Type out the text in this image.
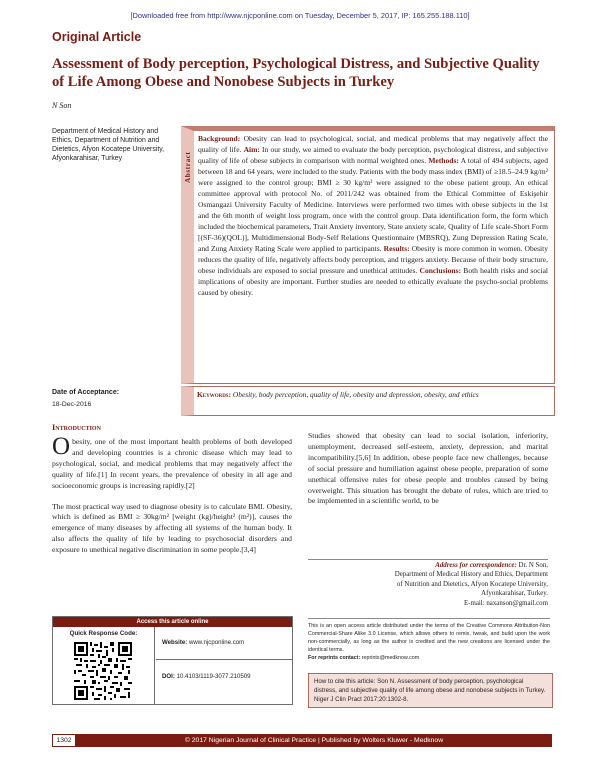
[Downloaded free from http://www.njcponline.com on Tuesday, December 5, 2017, IP: 165.255.188.110]
Original Article
Assessment of Body perception, Psychological Distress, and Subjective Quality of Life Among Obese and Nonobese Subjects in Turkey
N Son
Department of Medical History and Ethics, Department of Nutrition and Dietetics, Afyon Kocatepe University, Afyonkarahisar, Turkey
Date of Acceptance:
18-Dec-2016
Abstract
Background: Obesity can lead to psychological, social, and medical problems that may negatively affect the quality of life. Aim: In our study, we aimed to evaluate the body perception, psychological distress, and subjective quality of life of obese subjects in comparison with normal weighted ones. Methods: A total of 494 subjects, aged between 18 and 64 years, were included to the study. Patients with the body mass index (BMI) of ≥18.5–24.9 kg/m² were assigned to the control group; BMI ≥ 30 kg/m² were assigned to the obese patient group. An ethical committee approval with protocol No. of 2011/242 was obtained from the Ethical Committee of Eskişehir Osmangazi University Faculty of Medicine. Interviews were performed two times with obese subjects in the 1st and the 6th month of weight loss program, once with the control group. Data identification form, the form which included the biochemical parameters, Trait Anxiety inventory, State anxiety scale, Quality of Life scale-Short Form [(SF-36)(QOL)], Multidimensional Body-Self Relations Questionnaire (MBSRQ), Zung Depression Rating Scale, and Zung Anxiety Rating Scale were applied to participants. Results: Obesity is more common in women. Obesity reduces the quality of life, negatively affects body perception, and triggers anxiety. Because of their body structure, obese individuals are exposed to social pressure and unethical attitudes. Conclusions: Both health risks and social implications of obesity are important. Further studies are needed to ethically evaluate the psycho-social problems caused by obesity.
Keywords: Obesity, body perception, quality of life, obesity and depression, obesity, and ethics
Introduction

Obesity, one of the most important health problems of both developed and developing countries is a chronic disease which may lead to psychological, social, and medical problems that may negatively affect the quality of life.[1] In recent years, the prevalence of obesity in all age and socioeconomic groups is increasing rapidly.[2]

The most practical way used to diagnose obesity is to calculate BMI. Obesity, which is defined as BMI ≥ 30kg/m² [weight (kg)/height² (m²)], causes the emergence of many diseases by affecting all systems of the human body. It also affects the quality of life by leading to psychosocial disorders and exposure to unethical negative discrimination in some people.[3,4]

Studies showed that obesity can lead to social isolation, inferiority, unemployment, decreased self-esteem, anxiety, depression, and marital incompatibility.[5,6] In addition, obese people face new challenges, because of social pressure and humiliation against obese people, preparation of some unethical offensive rules for obese people and troubles caused by being overweight. This situation has brought the debate of rules, which are tried to be implemented in a scientific world, to be

Address for correspondence: Dr. N Son,
Department of Medical History and Ethics, Department
of Nutrition and Dietetics, Afyon Kocatepe University,
Afyonkarahisar, Turkey.
E-mail: naxanson@gmail.com
Access this article online
Quick Response Code:
Website: www.njcponline.com
DOI: 10.4103/1119-3077.210509
This is an open access article distributed under the terms of the Creative Commons Attribution-Non Commercial-Share Alike 3.0 License, which allows others to remix, tweak, and build upon the work non-commercially, as long as the author is credited and the new creations are licensed under the identical terms.
For reprints contact: reprints@medknow.com
How to cite this article: Son N. Assessment of body perception, psychological distress, and subjective quality of life among obese and nonobese subjects in Turkey. Niger J Clin Pract 2017;20:1302-8.
1302	© 2017 Nigerian Journal of Clinical Practice | Published by Wolters Kluwer - Medknow
